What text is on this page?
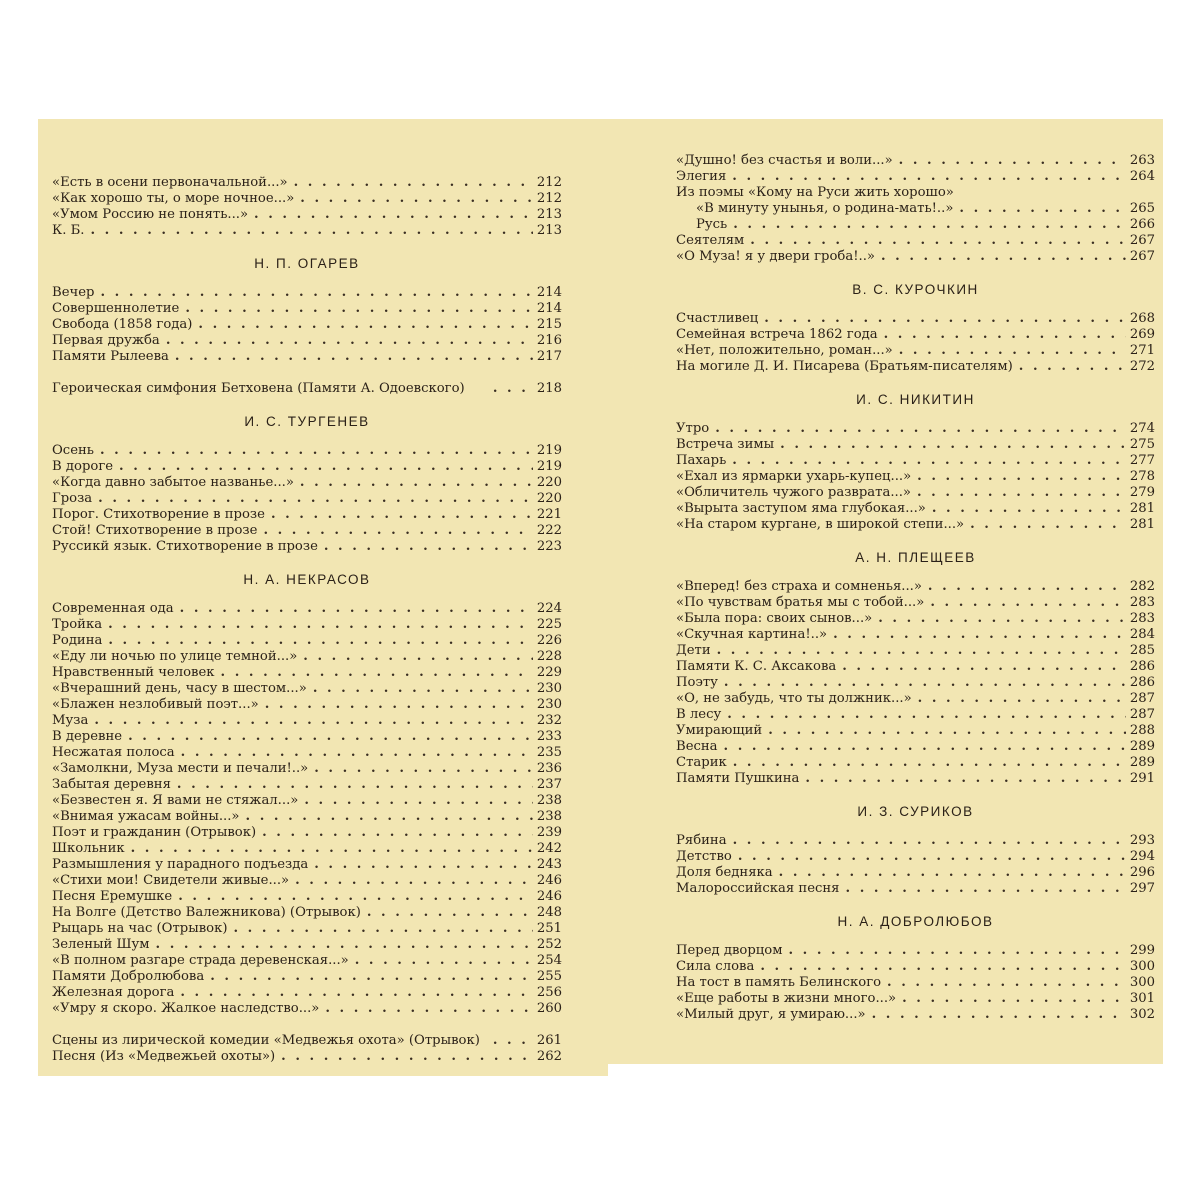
«Есть в осени первоначальной...» . . .	212
«Как хорошо ты, о море ночное...» . . .	212
«Умом Россию не понять...» . . .	213
К. Б. . . .	213
Н. П. ОГАРЕВ
Вечер . . .	214
Совершеннолетие . . .	214
Свобода (1858 года) . . .	215
Первая дружба . . .	216
Памяти Рылеева . . .	217
Героическая симфония Бетховена (Памяти А. Одоевского) . . .	218
И. С. ТУРГЕНЕВ
Осень . . .	219
В дороге . . .	219
«Когда давно забытое названье...» . . .	220
Гроза . . .	220
Порог. Стихотворение в прозе . . .	221
Стой! Стихотворение в прозе . . .	222
Руссикй язык. Стихотворение в прозе . . .	223
Н. А. НЕКРАСОВ
Современная ода . . .	224
Тройка . . .	225
Родина . . .	226
«Еду ли ночью по улице темной...» . . .	228
Нравственный человек . . .	229
«Вчерашний день, часу в шестом...» . . .	230
«Блажен незлобивый поэт...» . . .	230
Муза . . .	232
В деревне . . .	233
Несжатая полоса . . .	235
«Замолкни, Муза мести и печали!..» . . .	236
Забытая деревня . . .	237
«Безвестен я. Я вами не стяжал...» . . .	238
«Внимая ужасам войны...» . . .	238
Поэт и гражданин (Отрывок) . . .	239
Школьник . . .	242
Размышления у парадного подъезда . . .	243
«Стихи мои! Свидетели живые...» . . .	246
Песня Еремушке . . .	246
На Волге (Детство Валежникова) (Отрывок) . . .	248
Рыцарь на час (Отрывок) . . .	251
Зеленый Шум . . .	252
«В полном разгаре страда деревенская...» . . .	254
Памяти Добролюбова . . .	255
Железная дорога . . .	256
«Умру я скоро. Жалкое наследство...» . . .	260
Сцены из лирической комедии «Медвежья охота» (Отрывок) . . .	261
Песня (Из «Медвежьей охоты») . . .	262
«Душно! без счастья и воли...» . . .	263
Элегия . . .	264
Из поэмы «Кому на Руси жить хорошо»
«В минуту унынья, о родина-мать!..» . . .	265
Русь . . .	266
Сеятелям . . .	267
«О Муза! я у двери гроба!..» . . .	267
В. С. КУРОЧКИН
Счастливец . . .	268
Семейная встреча 1862 года . . .	269
«Нет, положительно, роман...» . . .	271
На могиле Д. И. Писарева (Братьям-писателям) . . .	272
И. С. НИКИТИН
Утро . . .	274
Встреча зимы . . .	275
Пахарь . . .	277
«Ехал из ярмарки ухарь-купец...» . . .	278
«Обличитель чужого разврата...» . . .	279
«Вырыта заступом яма глубокая...» . . .	281
«На старом кургане, в широкой степи...» . . .	281
А. Н. ПЛЕЩЕЕВ
«Вперед! без страха и сомненья...» . . .	282
«По чувствам братья мы с тобой...» . . .	283
«Была пора: своих сынов...» . . .	283
«Скучная картина!..» . . .	284
Дети . . .	285
Памяти К. С. Аксакова . . .	286
Поэту . . .	286
«О, не забудь, что ты должник...» . . .	287
В лесу . . .	287
Умирающий . . .	288
Весна . . .	289
Старик . . .	289
Памяти Пушкина . . .	291
И. З. СУРИКОВ
Рябина . . .	293
Детство . . .	294
Доля бедняка . . .	296
Малороссийская песня . . .	297
Н. А. ДОБРОЛЮБОВ
Перед дворцом . . .	299
Сила слова . . .	300
На тост в память Белинского . . .	300
«Еще работы в жизни много...» . . .	301
«Милый друг, я умираю...» . . .	302
